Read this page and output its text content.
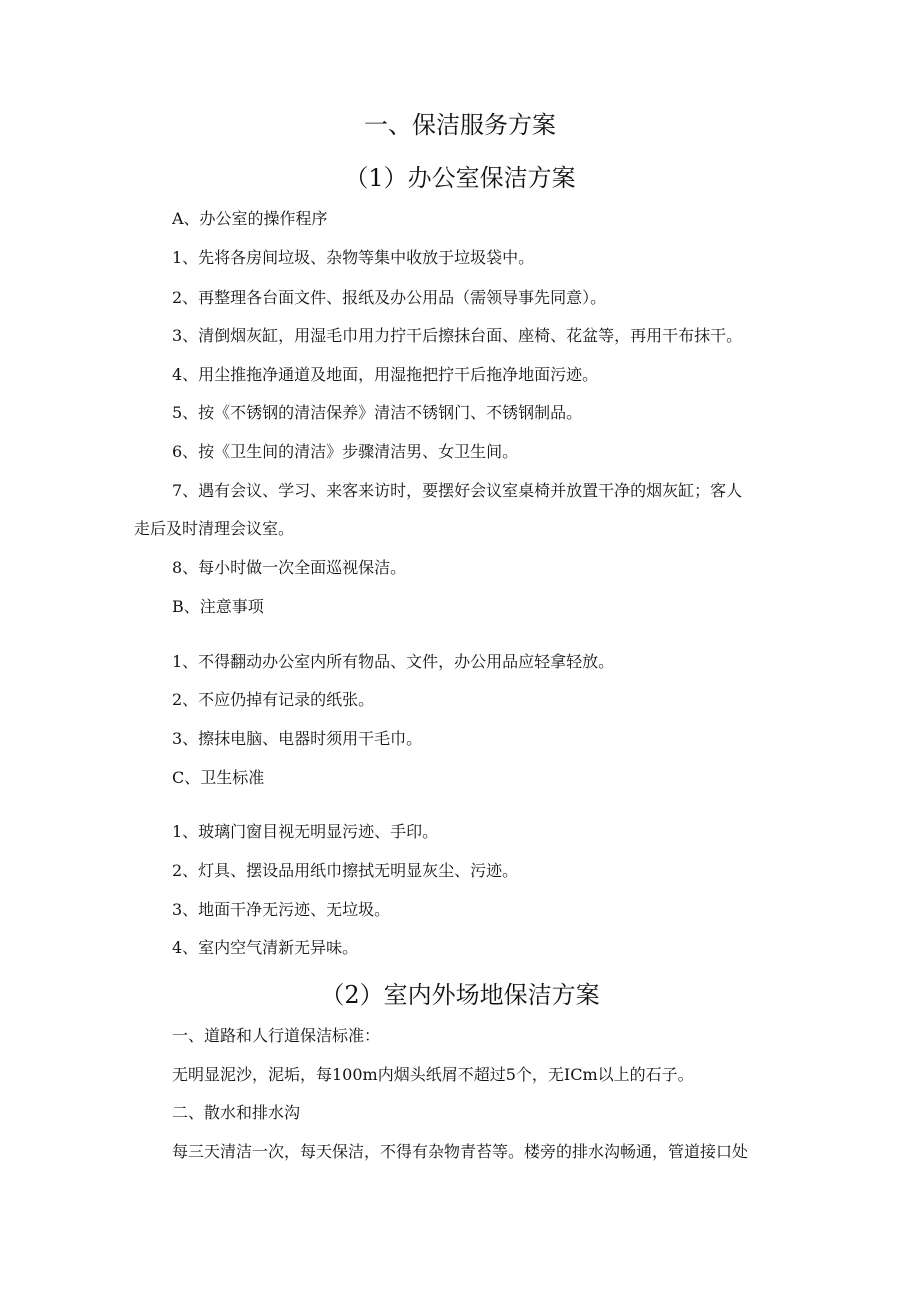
一、保洁服务方案
（1）办公室保洁方案
A、办公室的操作程序
1、先将各房间垃圾、杂物等集中收放于垃圾袋中。
2、再整理各台面文件、报纸及办公用品（需领导事先同意）。
3、清倒烟灰缸，用湿毛巾用力拧干后擦抹台面、座椅、花盆等，再用干布抹干。
4、用尘推拖净通道及地面，用湿拖把拧干后拖净地面污迹。
5、按《不锈钢的清洁保养》清洁不锈钢门、不锈钢制品。
6、按《卫生间的清洁》步骤清洁男、女卫生间。
7、遇有会议、学习、来客来访时，要摆好会议室桌椅并放置干净的烟灰缸；客人
走后及时清理会议室。
8、每小时做一次全面巡视保洁。
B、注意事项
1、不得翻动办公室内所有物品、文件，办公用品应轻拿轻放。
2、不应仍掉有记录的纸张。
3、擦抹电脑、电器时须用干毛巾。
C、卫生标准
1、玻璃门窗目视无明显污迹、手印。
2、灯具、摆设品用纸巾擦拭无明显灰尘、污迹。
3、地面干净无污迹、无垃圾。
4、室内空气清新无异味。
（2）室内外场地保洁方案
一、道路和人行道保洁标准：
无明显泥沙，泥垢，每100m内烟头纸屑不超过5个，无ICm以上的石子。
二、散水和排水沟
每三天清洁一次，每天保洁，不得有杂物青苔等。楼旁的排水沟畅通，管道接口处
